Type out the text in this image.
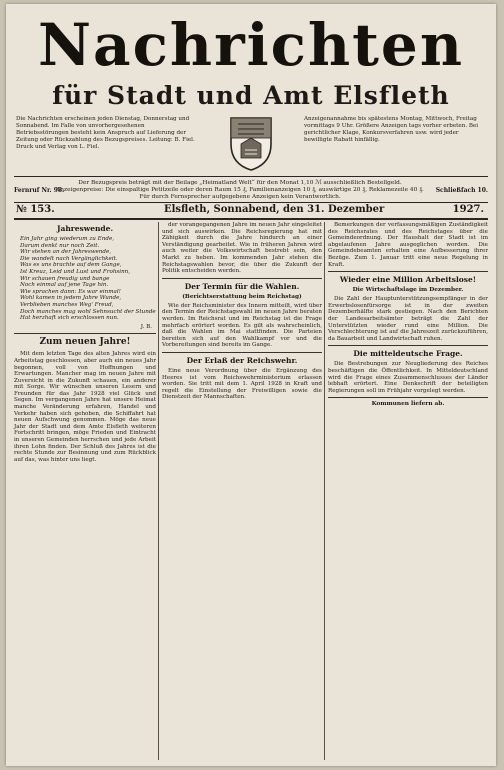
Nachrichten
für Stadt und Amt Elsfleth
Die Nachrichten erscheinen jeden Dienstag, Donnerstag und Sonnabend. Im Falle von unvorhergesehenen Betriebsstörungen besteht kein Anspruch auf Lieferung der Zeitung oder Rückzahlung des Bezugspreises. Leitung: B. Fiel. Druck und Verlag von L. Fiel.
Anzeigenannahme bis spätestens Montag, Mittwoch, Freitag vormittags 9 Uhr. Größere Anzeigen tags vorher erbeten. Bei gerichtlicher Klage, Konkursverfahren usw. wird jeder bewilligte Rabatt hinfällig.
Fernruf Nr. 98.
Der Bezugspreis beträgt mit der Beilage „Heimatland Welt“ für den Monat 1,10 ℳ ausschließlich Bestellgeld. Anzeigenpreise: Die einspaltige Petitzeile oder deren Raum 15 ₰, Familienanzeigen 10 ₰, auswärtige 20 ₰, Reklamezeile 40 ₰. Für durch Fernsprecher aufgegebene Anzeigen kein Verantwortlich.
Schließfach 10.
№ 153.	Elsfleth, Sonnabend, den 31. Dezember	1927.
Jahreswende.
Ein Jahr ging wiederum zu Ende,
Darum denkt nur noch Zeit.
Wir stehen an der Jahreswende,
Die wandelt nach Vergänglichkeit.
Was es uns brachte auf dem Gange,
Ist Kreuz, Leid und Lust und Frohsinn,
Wir schauen freudig und bange
Noch einmal auf jene Tage hin.
Wie sprachen dann: Es war einmal!
Wohl kamen in jedem Jahre Wunde,
Verblieben manches Weg' Freud,
Doch manches mag wohl Sehnsucht der Stunde
Hat herzhaft sich erschlossen nun.
J. B.
Zum neuen Jahre!

Mit dem letzten Tage des alten Jahres wird ein Arbeitstag geschlossen, aber auch ein neues Jahr begonnen, voll von Hoffnungen und Erwartungen. Mancher mag im neuen Jahre mit Zuversicht in die Zukunft schauen, ein anderer mit Sorge. Wir wünschen unseren Lesern und Freunden für das Jahr 1928 viel Glück und Segen. Im vergangenen Jahre hat unsere Heimat manche Veränderung erfahren, Handel und Verkehr haben sich gehoben, die Schiffahrt hat neuen Aufschwung genommen. Möge das neue Jahr der Stadt und dem Amte Elsfleth weiteren Fortschritt bringen, möge Frieden und Eintracht in unseren Gemeinden herrschen und jede Arbeit ihren Lohn finden. Der Schluß des Jahres ist die rechte Stunde zur Besinnung und zum Rückblick auf das, was hinter uns liegt.

der vorangegangenen Jahre im neuen Jahr eingeleitet und sich auswirken. Die Reichsregierung hat mit Zähigkeit durch die Jahre hindurch an einer Verständigung gearbeitet. Wie in früheren Jahren wird auch weiter die Volkswirtschaft bestrebt sein, den Markt zu heben. Im kommenden Jahr stehen die Reichstagswahlen bevor, die über die Zukunft der Politik entscheiden werden.

Der Termin für die Wahlen.
(Berichtserstattung beim Reichstag)

Wie der Reichsminister des Innern mitteilt, wird über den Termin der Reichstagswahl im neuen Jahre beraten werden. Im Reichsrat und im Reichstag ist die Frage mehrfach erörtert worden. Es gilt als wahrscheinlich, daß die Wahlen im Mai stattfinden. Die Parteien bereiten sich auf den Wahlkampf vor und die Vorbereitungen sind bereits im Gange.

Der Erlaß der Reichswehr.

Eine neue Verordnung über die Ergänzung des Heeres ist vom Reichswehrministerium erlassen worden. Sie tritt mit dem 1. April 1928 in Kraft und regelt die Einstellung der Freiwilligen sowie die Dienstzeit der Mannschaften.

Bemerkungen der verfassungsmäßigen Zuständigkeit des Reichsrates und des Reichstages über die Gemeindeordnung. Der Haushalt der Stadt ist im abgelaufenen Jahre ausgeglichen worden. Die Gemeindebeamten erhalten eine Aufbesserung ihrer Bezüge. Zum 1. Januar tritt eine neue Regelung in Kraft.

Wieder eine Million Arbeitslose!
Die Wirtschaftslage im Dezember.

Die Zahl der Hauptunterstützungsempfänger in der Erwerbslosenfürsorge ist in der zweiten Dezemberhälfte stark gestiegen. Nach den Berichten der Landesarbeitsämter beträgt die Zahl der Unterstützten wieder rund eine Million. Die Verschlechterung ist auf die Jahreszeit zurückzuführen, da Bauarbeit und Landwirtschaft ruhen.

Die mitteldeutsche Frage.

Die Bestrebungen zur Neugliederung des Reiches beschäftigen die Öffentlichkeit. In Mitteldeutschland wird die Frage eines Zusammenschlusses der Länder lebhaft erörtert. Eine Denkschrift der beteiligten Regierungen soll im Frühjahr vorgelegt werden.

Kommunen liefern ab.
